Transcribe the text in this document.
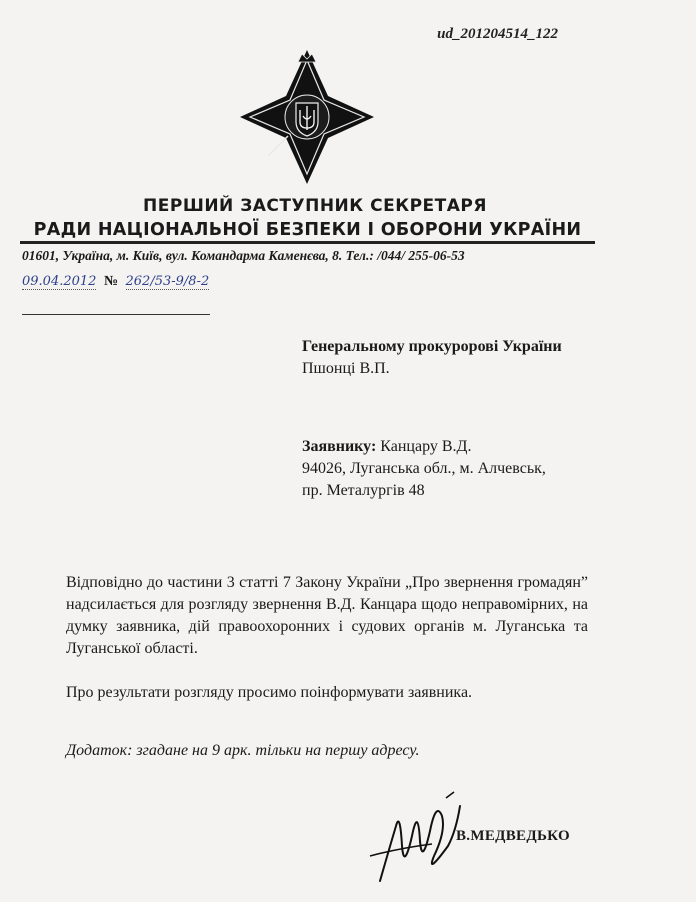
ud_201204514_122
ПЕРШИЙ ЗАСТУПНИК СЕКРЕТАРЯ
РАДИ НАЦІОНАЛЬНОЇ БЕЗПЕКИ І ОБОРОНИ УКРАЇНИ
01601, Україна, м. Київ, вул. Командарма Каменєва, 8. Тел.: /044/ 255-06-53
09.04.2012 № 262/53-9/8-2
Генеральному прокуророві України
Пшонці В.П.
Заявнику: Канцару В.Д.
94026, Луганська обл., м. Алчевськ,
пр. Металургів 48
Відповідно до частини 3 статті 7 Закону України „Про звернення громадян” надсилається для розгляду звернення В.Д. Канцара щодо неправомірних, на думку заявника, дій правоохоронних і судових органів м. Луганська та Луганської області.
Про результати розгляду просимо поінформувати заявника.
Додаток: згадане на 9 арк. тільки на першу адресу.
В.МЕДВЕДЬКО
